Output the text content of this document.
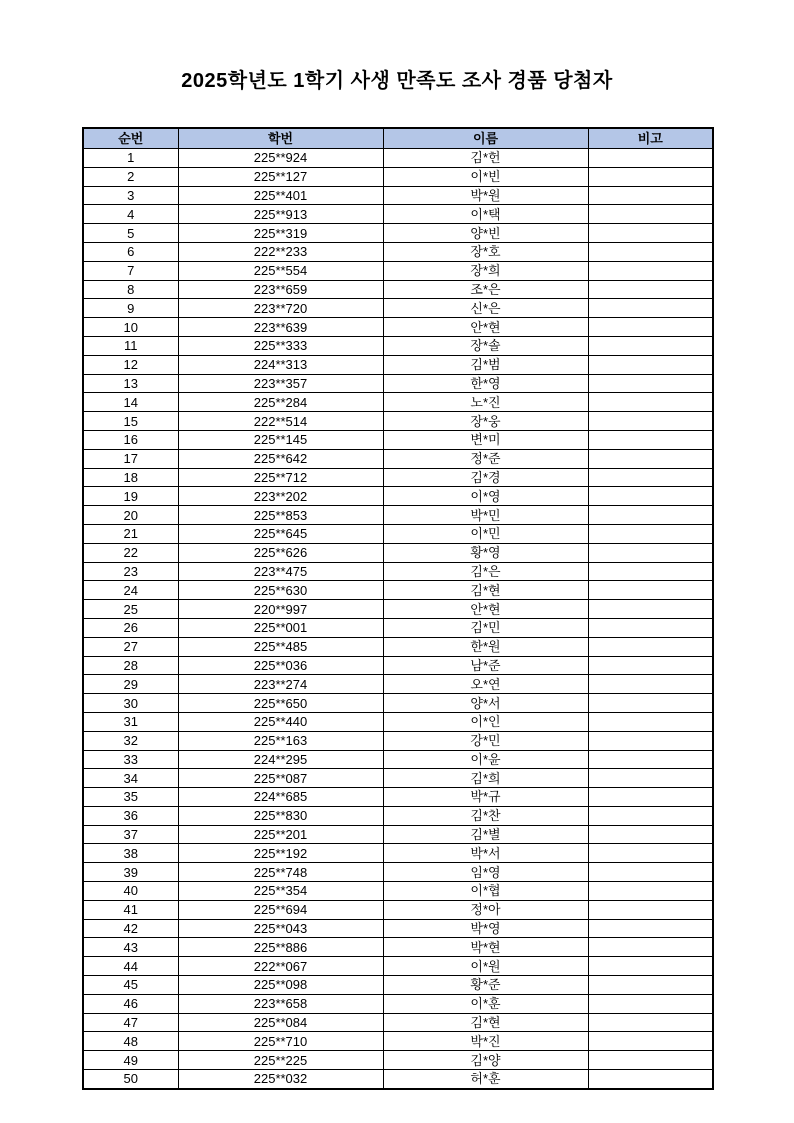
2025학년도 1학기 사생 만족도 조사 경품 당첨자
순번	학번	이름	비고
1	225**924	김*헌	
2	225**127	이*빈	
3	225**401	박*원	
4	225**913	이*택	
5	225**319	양*빈	
6	222**233	장*호	
7	225**554	장*희	
8	223**659	조*은	
9	223**720	신*은	
10	223**639	안*현	
11	225**333	장*솔	
12	224**313	김*범	
13	223**357	한*영	
14	225**284	노*진	
15	222**514	장*웅	
16	225**145	변*미	
17	225**642	정*준	
18	225**712	김*경	
19	223**202	이*영	
20	225**853	박*민	
21	225**645	이*민	
22	225**626	황*영	
23	223**475	김*은	
24	225**630	김*현	
25	220**997	안*현	
26	225**001	김*민	
27	225**485	한*원	
28	225**036	남*준	
29	223**274	오*연	
30	225**650	양*서	
31	225**440	이*인	
32	225**163	강*민	
33	224**295	이*윤	
34	225**087	김*희	
35	224**685	박*규	
36	225**830	김*찬	
37	225**201	김*별	
38	225**192	박*서	
39	225**748	임*영	
40	225**354	이*협	
41	225**694	정*아	
42	225**043	박*영	
43	225**886	박*현	
44	222**067	이*원	
45	225**098	황*준	
46	223**658	이*훈	
47	225**084	김*현	
48	225**710	박*진	
49	225**225	김*양	
50	225**032	허*훈	
